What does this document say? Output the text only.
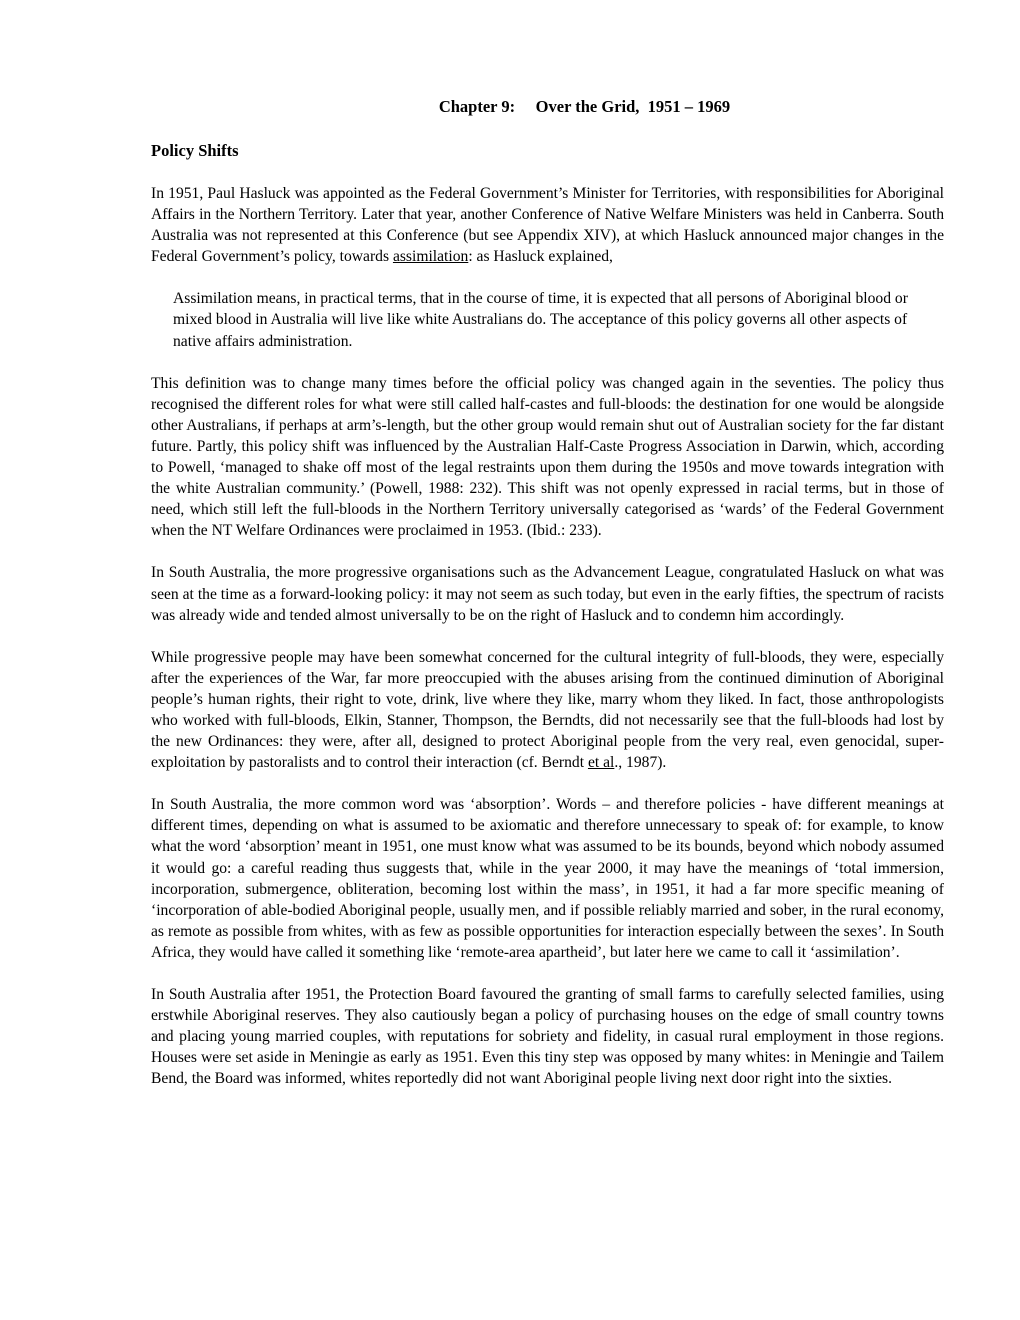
Chapter 9:     Over the Grid,  1951 – 1969
Policy Shifts

In 1951, Paul Hasluck was appointed as the Federal Government’s Minister for Territories, with responsibilities for Aboriginal Affairs in the Northern Territory. Later that year, another Conference of Native Welfare Ministers was held in Canberra. South Australia was not represented at this Conference (but see Appendix XIV), at which Hasluck announced major changes in the Federal Government’s policy, towards assimilation: as Hasluck explained,

Assimilation means, in practical terms, that in the course of time, it is expected that all persons of Aboriginal blood or mixed blood in Australia will live like white Australians do. The acceptance of this policy governs all other aspects of native affairs administration.

This definition was to change many times before the official policy was changed again in the seventies. The policy thus recognised the different roles for what were still called half-castes and full-bloods: the destination for one would be alongside other Australians, if perhaps at arm’s-length, but the other group would remain shut out of Australian society for the far distant future. Partly, this policy shift was influenced by the Australian Half-Caste Progress Association in Darwin, which, according to Powell, ‘managed to shake off most of the legal restraints upon them during the 1950s and move towards integration with the white Australian community.’ (Powell, 1988: 232). This shift was not openly expressed in racial terms, but in those of need, which still left the full-bloods in the Northern Territory universally categorised as ‘wards’ of the Federal Government when the NT Welfare Ordinances were proclaimed in 1953. (Ibid.: 233).

In South Australia, the more progressive organisations such as the Advancement League, congratulated Hasluck on what was seen at the time as a forward-looking policy: it may not seem as such today, but even in the early fifties, the spectrum of racists was already wide and tended almost universally to be on the right of Hasluck and to condemn him accordingly.

While progressive people may have been somewhat concerned for the cultural integrity of full-bloods, they were, especially after the experiences of the War, far more preoccupied with the abuses arising from the continued diminution of Aboriginal people’s human rights, their right to vote, drink, live where they like, marry whom they liked. In fact, those anthropologists who worked with full-bloods, Elkin, Stanner, Thompson, the Berndts, did not necessarily see that the full-bloods had lost by the new Ordinances: they were, after all, designed to protect Aboriginal people from the very real, even genocidal, super-exploitation by pastoralists and to control their interaction (cf. Berndt et al., 1987).

In South Australia, the more common word was ‘absorption’. Words – and therefore policies - have different meanings at different times, depending on what is assumed to be axiomatic and therefore unnecessary to speak of: for example, to know what the word ‘absorption’ meant in 1951, one must know what was assumed to be its bounds, beyond which nobody assumed it would go: a careful reading thus suggests that, while in the year 2000, it may have the meanings of ‘total immersion, incorporation, submergence, obliteration, becoming lost within the mass’, in 1951, it had a far more specific meaning of ‘incorporation of able-bodied Aboriginal people, usually men, and if possible reliably married and sober, in the rural economy, as remote as possible from whites, with as few as possible opportunities for interaction especially between the sexes’. In South Africa, they would have called it something like ‘remote-area apartheid’, but later here we came to call it ‘assimilation’.

In South Australia after 1951, the Protection Board favoured the granting of small farms to carefully selected families, using erstwhile Aboriginal reserves. They also cautiously began a policy of purchasing houses on the edge of small country towns and placing young married couples, with reputations for sobriety and fidelity, in casual rural employment in those regions. Houses were set aside in Meningie as early as 1951. Even this tiny step was opposed by many whites: in Meningie and Tailem Bend, the Board was informed, whites reportedly did not want Aboriginal people living next door right into the sixties.
